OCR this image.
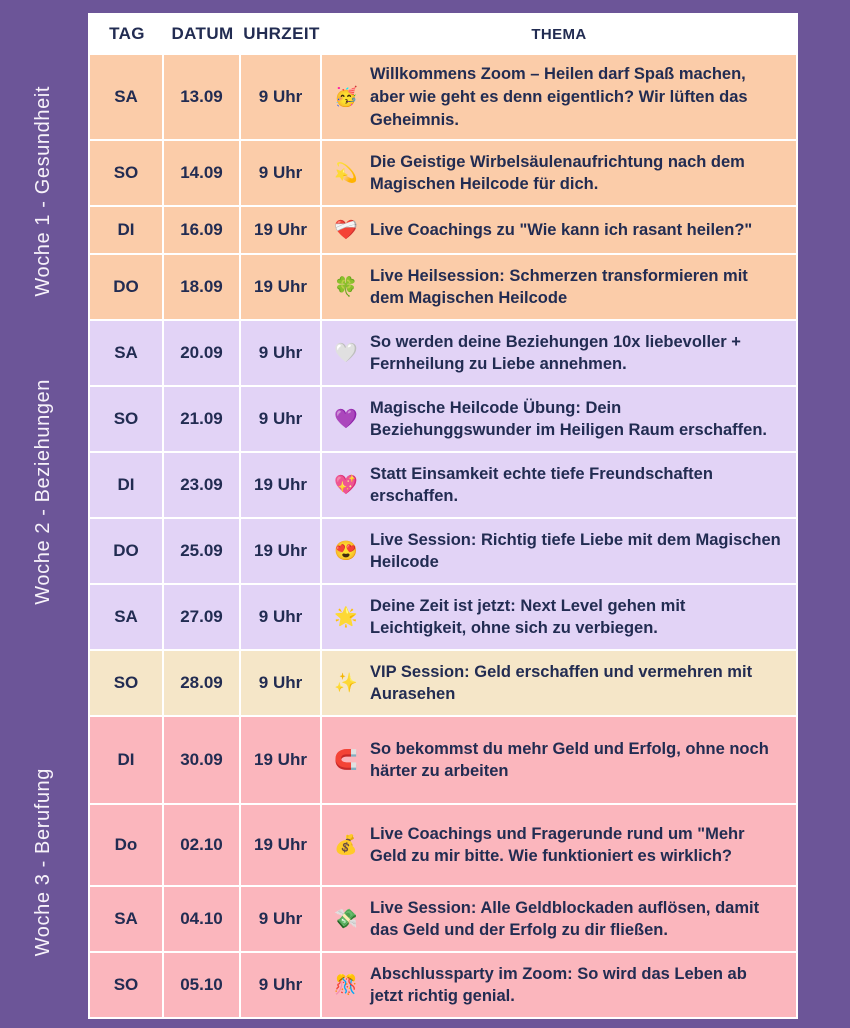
Woche 1 - Gesundheit
Woche 2 - Beziehungen
Woche 3 - Berufung
TAG	DATUM UHRZEIT	THEMA
SA	13.09	9 Uhr	🥳
Willkommens Zoom – Heilen darf Spaß machen, aber wie geht es denn eigentlich? Wir lüften das Geheimnis.
SO	14.09	9 Uhr	💫
Die Geistige Wirbelsäulenaufrichtung nach dem Magischen Heilcode für dich.
DI	16.09	19 Uhr	❤️‍🩹 Live Coachings zu "Wie kann ich rasant heilen?"
DO	18.09	19 Uhr	🍀
Live Heilsession: Schmerzen transformieren mit dem Magischen Heilcode
SA	20.09	9 Uhr	🤍
So werden deine Beziehungen 10x liebevoller + Fernheilung zu Liebe annehmen.
SO	21.09	9 Uhr	💜
Magische Heilcode Übung: Dein Beziehunggswunder im Heiligen Raum erschaffen.
DI	23.09	19 Uhr	💖
Statt Einsamkeit echte tiefe Freundschaften erschaffen.
DO	25.09	19 Uhr	😍
Live Session: Richtig tiefe Liebe mit dem Magischen Heilcode
SA	27.09	9 Uhr	🌟
Deine Zeit ist jetzt: Next Level gehen mit Leichtigkeit, ohne sich zu verbiegen.
SO	28.09	9 Uhr	✨
VIP Session: Geld erschaffen und vermehren mit Aurasehen
DI	30.09	19 Uhr	🧲
So bekommst du mehr Geld und Erfolg, ohne noch härter zu arbeiten
Do	02.10	19 Uhr	💰
Live Coachings und Fragerunde rund um "Mehr Geld zu mir bitte. Wie funktioniert es wirklich?
SA	04.10	9 Uhr	💸
Live Session: Alle Geldblockaden auflösen, damit das Geld und der Erfolg zu dir fließen.
SO	05.10	9 Uhr	🎊
Abschlussparty im Zoom: So wird das Leben ab jetzt richtig genial.
